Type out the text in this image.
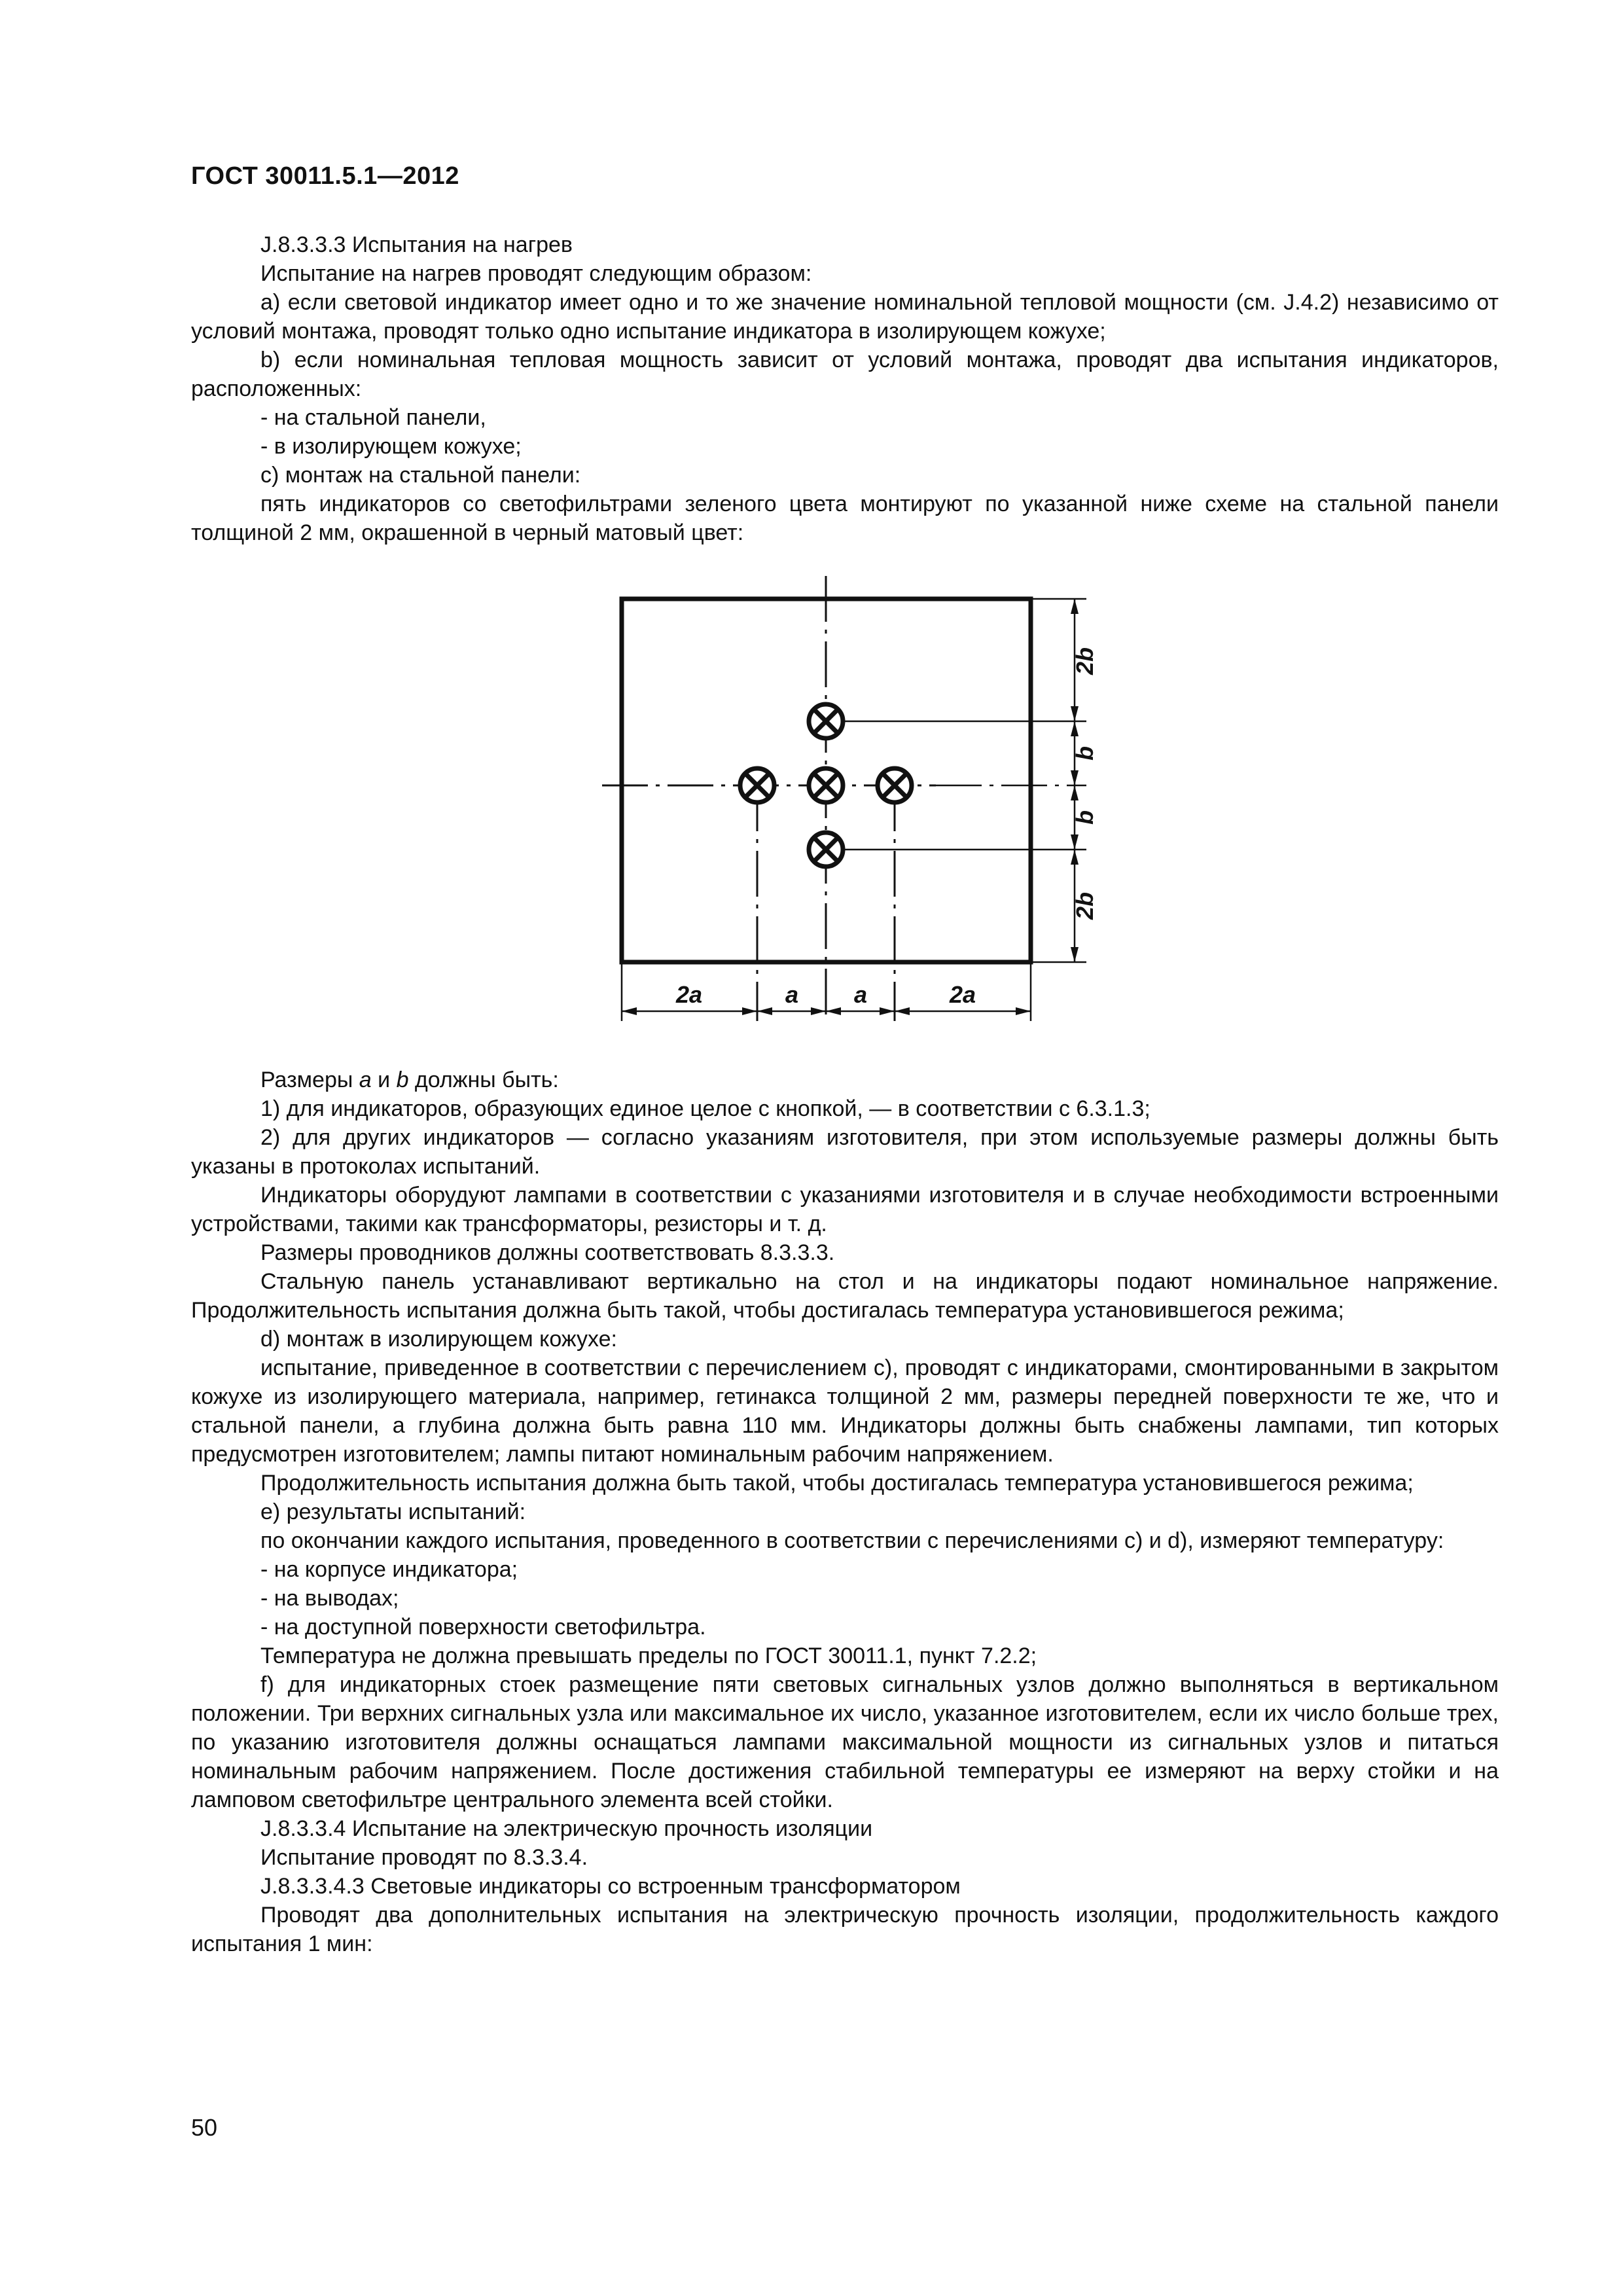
ГОСТ 30011.5.1—2012

J.8.3.3.3 Испытания на нагрев

Испытание на нагрев проводят следующим образом:

a) если световой индикатор имеет одно и то же значение номинальной тепловой мощности (см. J.4.2) независимо от условий монтажа, проводят только одно испытание индикатора в изолирующем кожухе;

b) если номинальная тепловая мощность зависит от условий монтажа, проводят два испытания индикаторов, расположенных:

- на стальной панели,

- в изолирующем кожухе;

c) монтаж на стальной панели:

пять индикаторов со светофильтрами зеленого цвета монтируют по указанной ниже схеме на стальной панели толщиной 2 мм, окрашенной в черный матовый цвет:

2b
b
b
2b
2a	a a	2a

Размеры a и b должны быть:

1) для индикаторов, образующих единое целое с кнопкой, — в соответствии с 6.3.1.3;

2) для других индикаторов — согласно указаниям изготовителя, при этом используемые размеры должны быть указаны в протоколах испытаний.

Индикаторы оборудуют лампами в соответствии с указаниями изготовителя и в случае необходимости встроенными устройствами, такими как трансформаторы, резисторы и т. д.

Размеры проводников должны соответствовать 8.3.3.3.

Стальную панель устанавливают вертикально на стол и на индикаторы подают номинальное напряжение. Продолжительность испытания должна быть такой, чтобы достигалась температура установившегося режима;

d) монтаж в изолирующем кожухе:

испытание, приведенное в соответствии с перечислением c), проводят с индикаторами, смонтированными в закрытом кожухе из изолирующего материала, например, гетинакса толщиной 2 мм, размеры передней поверхности те же, что и стальной панели, а глубина должна быть равна 110 мм. Индикаторы должны быть снабжены лампами, тип которых предусмотрен изготовителем; лампы питают номинальным рабочим напряжением.

Продолжительность испытания должна быть такой, чтобы достигалась температура установившегося режима;

e) результаты испытаний:

по окончании каждого испытания, проведенного в соответствии с перечислениями c) и d), измеряют температуру:

- на корпусе индикатора;

- на выводах;

- на доступной поверхности светофильтра.

Температура не должна превышать пределы по ГОСТ 30011.1, пункт 7.2.2;

f) для индикаторных стоек размещение пяти световых сигнальных узлов должно выполняться в вертикальном положении. Три верхних сигнальных узла или максимальное их число, указанное изготовителем, если их число больше трех, по указанию изготовителя должны оснащаться лампами максимальной мощности из сигнальных узлов и питаться номинальным рабочим напряжением. После достижения стабильной температуры ее измеряют на верху стойки и на ламповом светофильтре центрального элемента всей стойки.

J.8.3.3.4 Испытание на электрическую прочность изоляции

Испытание проводят по 8.3.3.4.

J.8.3.3.4.3 Световые индикаторы со встроенным трансформатором

Проводят два дополнительных испытания на электрическую прочность изоляции, продолжительность каждого испытания 1 мин:

50
